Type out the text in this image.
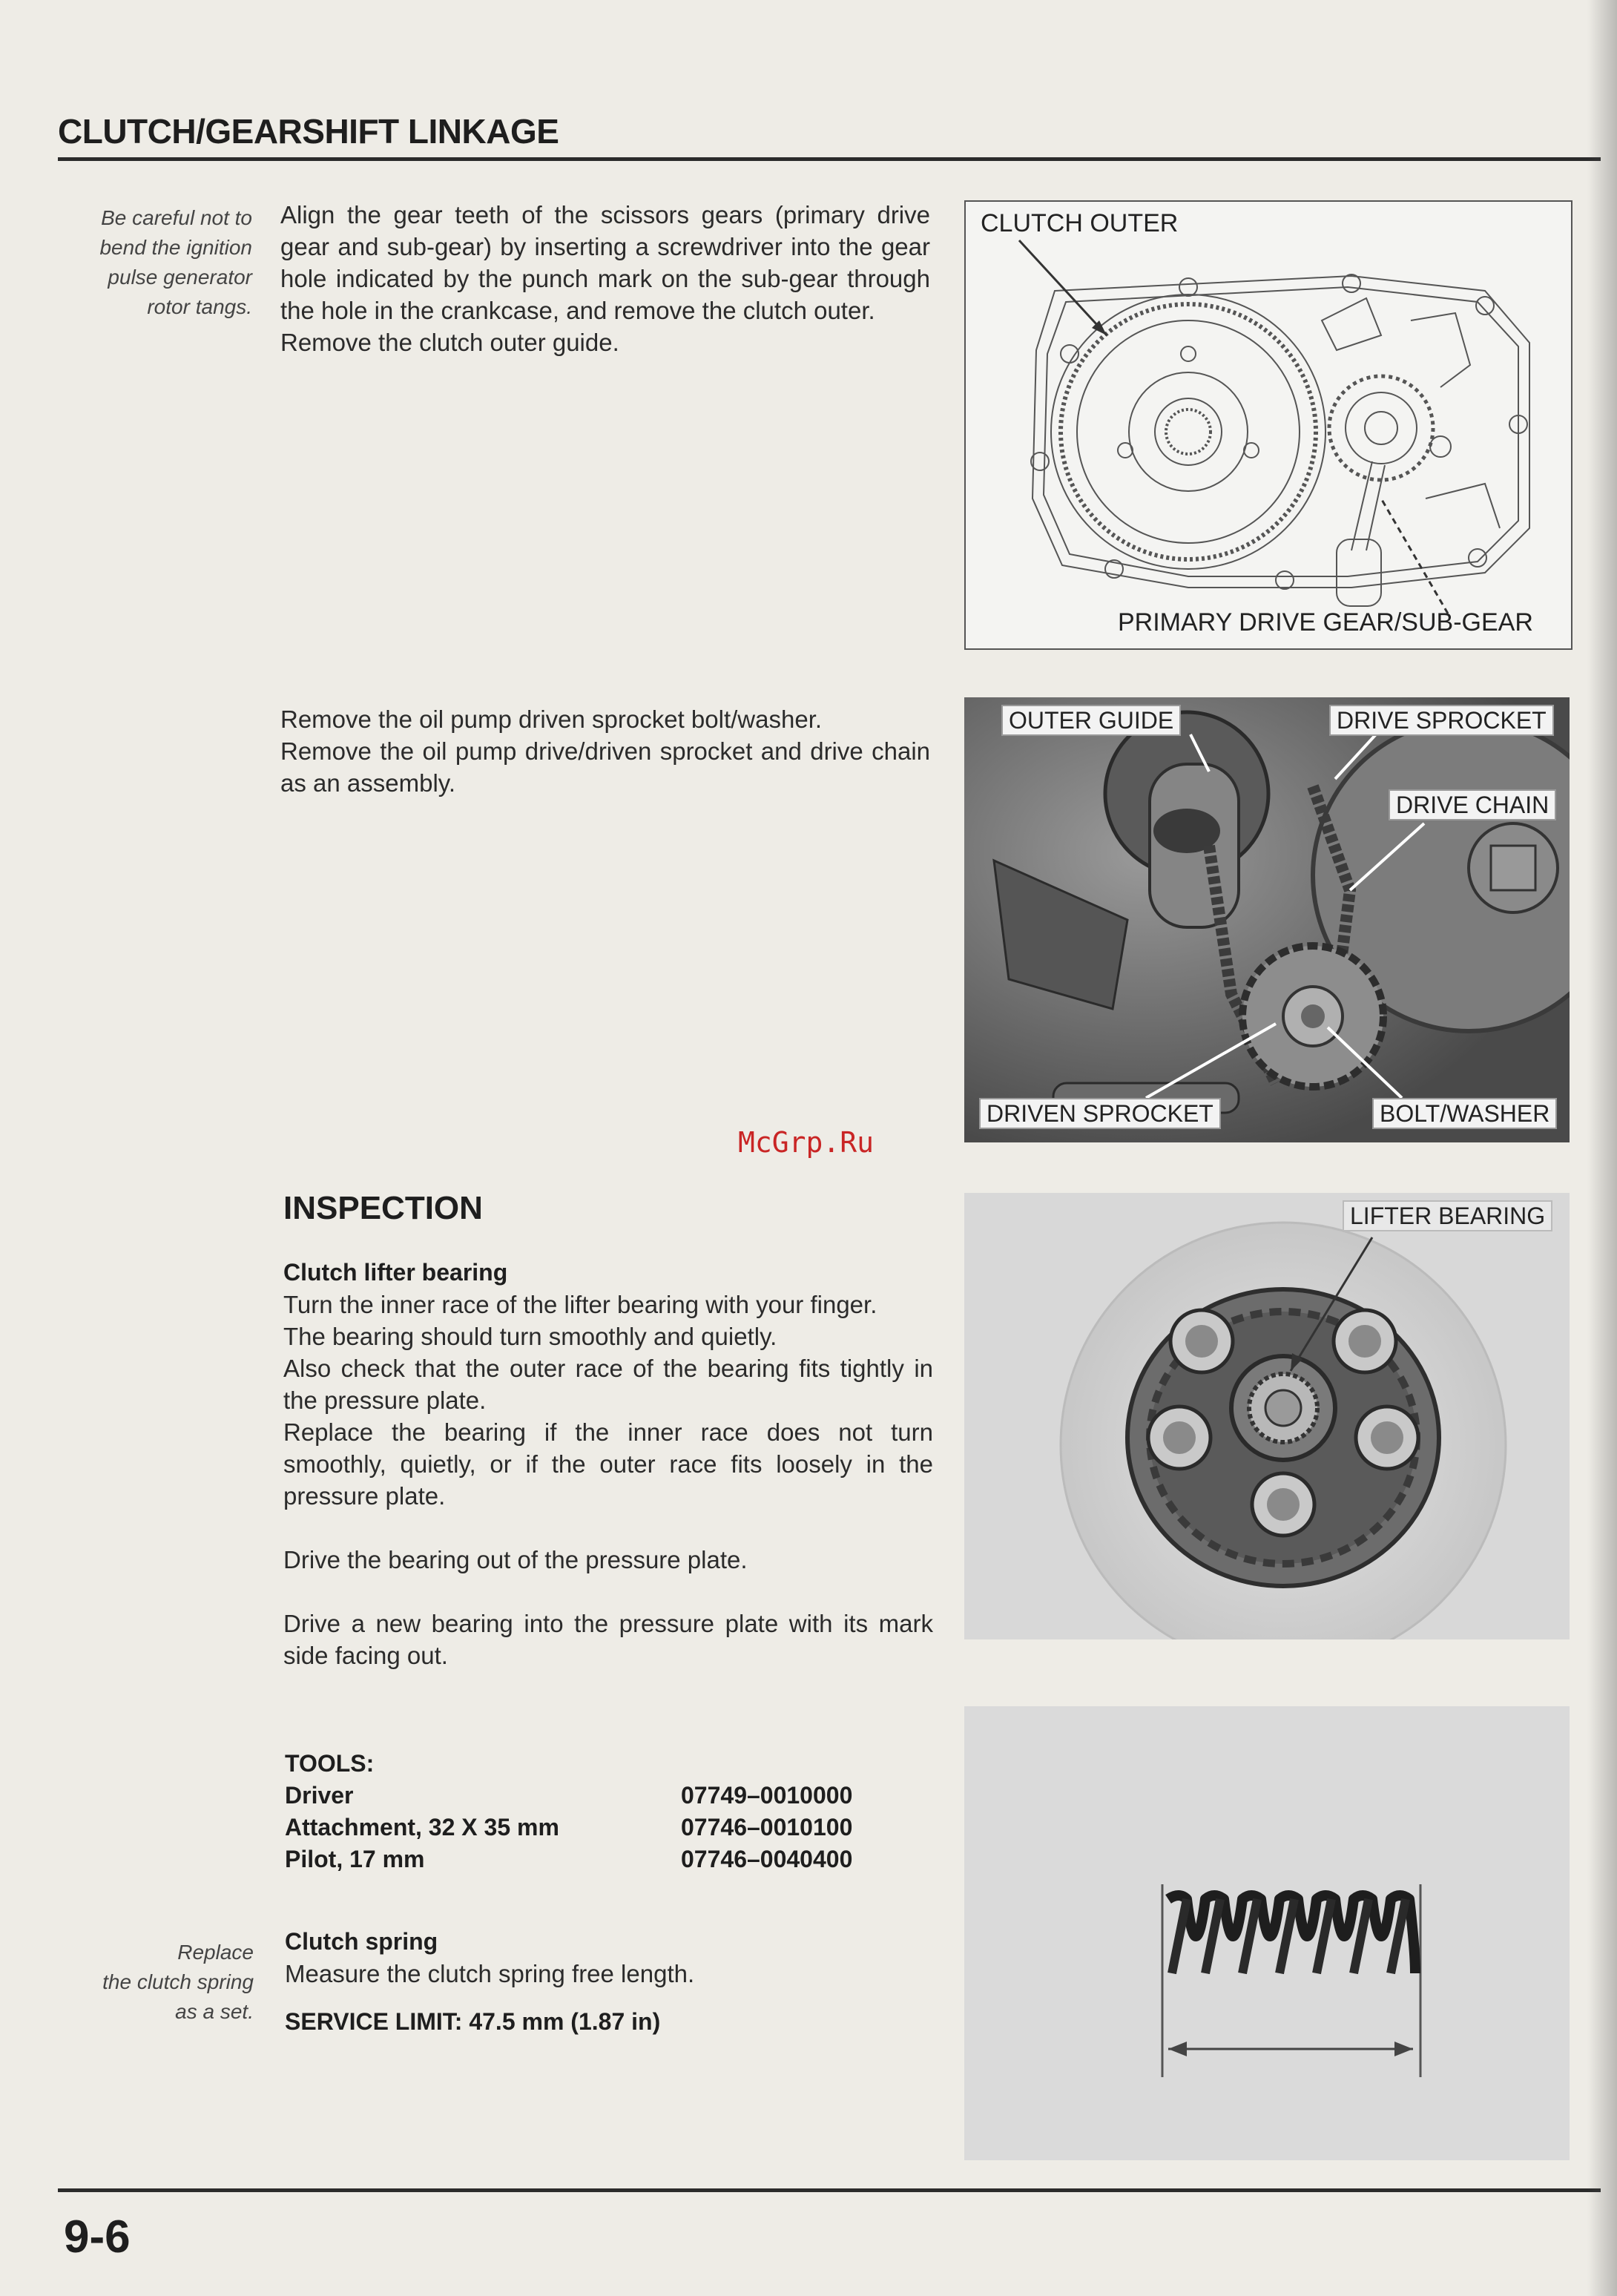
CLUTCH/GEARSHIFT LINKAGE
Be careful not to
bend the ignition
pulse generator
rotor tangs.

Align the gear teeth of the scissors gears (primary drive gear and sub-gear) by inserting a screwdriver into the gear hole indicated by the punch mark on the sub-gear through the hole in the crankcase, and remove the clutch outer.

Remove the clutch outer guide.

CLUTCH OUTER
PRIMARY DRIVE GEAR/SUB-GEAR

Remove the oil pump driven sprocket bolt/washer.

Remove the oil pump drive/driven sprocket and drive chain as an assembly.

OUTER GUIDE	DRIVE SPROCKET
DRIVE CHAIN
DRIVEN SPROCKET	BOLT/WASHER
McGrp.Ru
INSPECTION

Clutch lifter bearing

Turn the inner race of the lifter bearing with your finger.

The bearing should turn smoothly and quietly.

Also check that the outer race of the bearing fits tightly in the pressure plate.

Replace the bearing if the inner race does not turn smoothly, quietly, or if the outer race fits loosely in the pressure plate.

Drive the bearing out of the pressure plate.

Drive a new bearing into the pressure plate with its mark side facing out.

TOOLS:
Driver	07749–0010000
Attachment, 32 X 35 mm	07746–0010100
Pilot, 17 mm	07746–0040400
Replace
the clutch spring
as a set.

Clutch spring

Measure the clutch spring free length.

SERVICE LIMIT: 47.5 mm (1.87 in)

LIFTER BEARING
9-6
